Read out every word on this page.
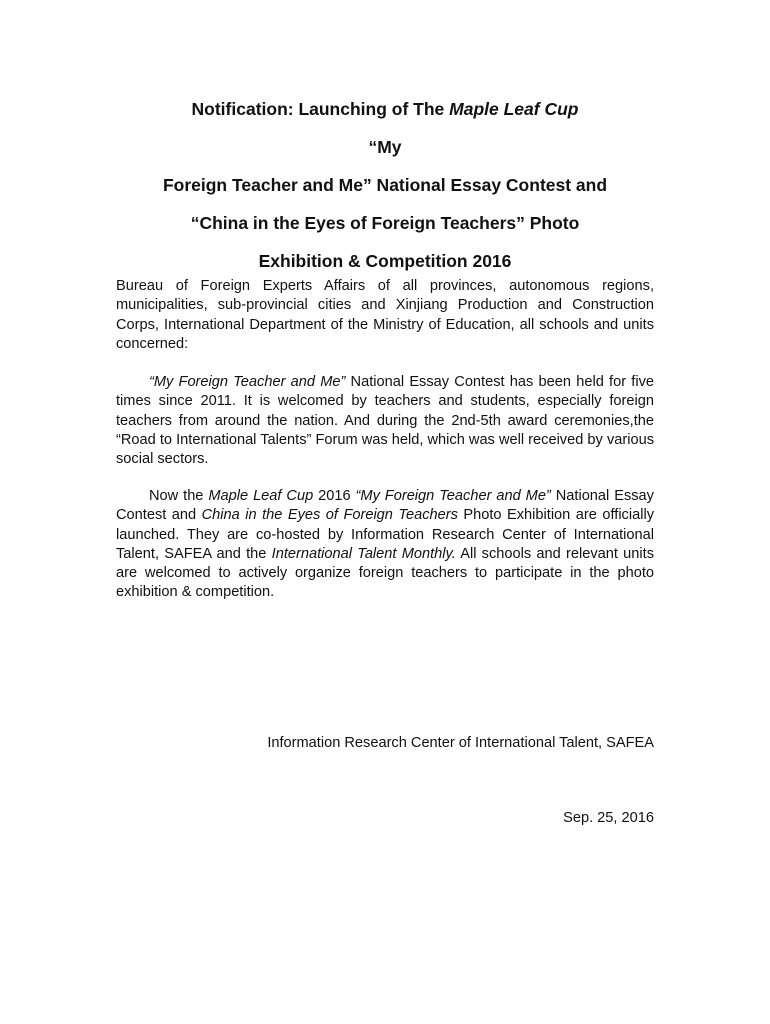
Notification: Launching of The Maple Leaf Cup
“My
Foreign Teacher and Me” National Essay Contest and
“China in the Eyes of Foreign Teachers” Photo
Exhibition & Competition 2016

Bureau of Foreign Experts Affairs of all provinces, autonomous regions, municipalities, sub-provincial cities and Xinjiang Production and Construction Corps, International Department of the Ministry of Education, all schools and units concerned:

“My Foreign Teacher and Me” National Essay Contest has been held for five times since 2011. It is welcomed by teachers and students, especially foreign teachers from around the nation. And during the 2nd-5th award ceremonies,the “Road to International Talents” Forum was held, which was well received by various social sectors.

Now the Maple Leaf Cup 2016 “My Foreign Teacher and Me” National Essay Contest and China in the Eyes of Foreign Teachers Photo Exhibition are officially launched. They are co-hosted by Information Research Center of International Talent, SAFEA and the International Talent Monthly. All schools and relevant units are welcomed to actively organize foreign teachers to participate in the photo exhibition & competition.

Information Research Center of International Talent, SAFEA

Sep. 25, 2016
